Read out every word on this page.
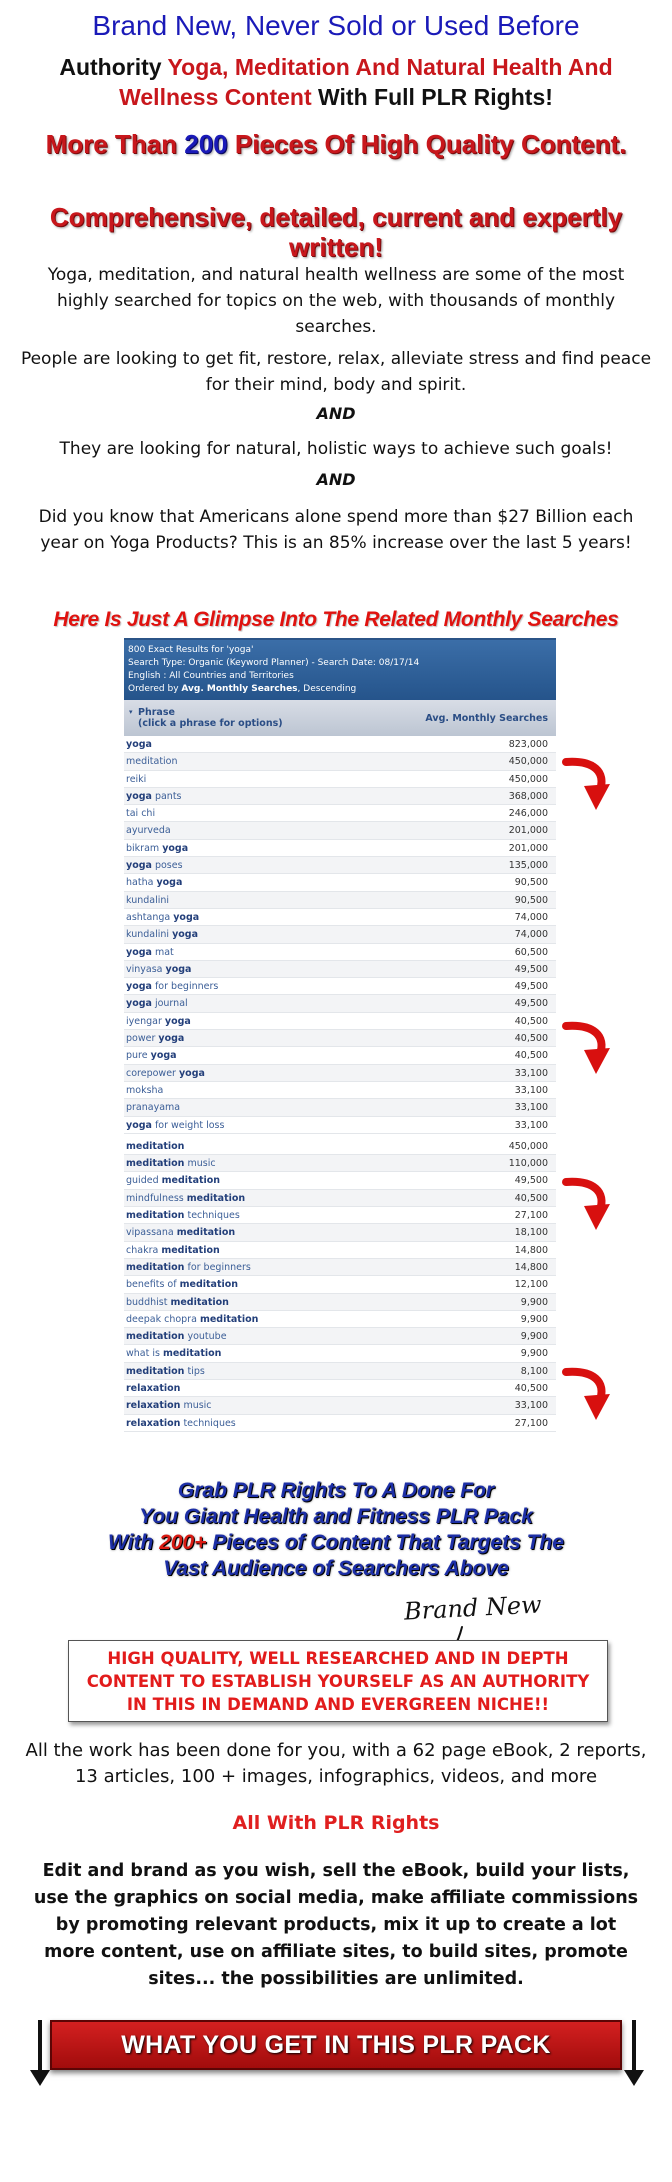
Brand New, Never Sold or Used Before
Authority Yoga, Meditation And Natural Health And Wellness Content With Full PLR Rights!
More Than 200 Pieces Of High Quality Content.
Comprehensive, detailed, current and expertly written!

Yoga, meditation, and natural health wellness are some of the most highly searched for topics on the web, with thousands of monthly searches.

People are looking to get fit, restore, relax, alleviate stress and find peace for their mind, body and spirit.

AND

They are looking for natural, holistic ways to achieve such goals!

AND

Did you know that Americans alone spend more than $27 Billion each year on Yoga Products? This is an 85% increase over the last 5 years!

Here Is Just A Glimpse Into The Related Monthly Searches
800 Exact Results for 'yoga'
Search Type: Organic (Keyword Planner) - Search Date: 08/17/14
English : All Countries and Territories
Ordered by Avg. Monthly Searches, Descending
▾ Phrase
(click a phrase for options)	Avg. Monthly Searches
yoga	823,000
meditation	450,000
reiki	450,000
yoga pants	368,000
tai chi	246,000
ayurveda	201,000
bikram yoga	201,000
yoga poses	135,000
hatha yoga	90,500
kundalini	90,500
ashtanga yoga	74,000
kundalini yoga	74,000
yoga mat	60,500
vinyasa yoga	49,500
yoga for beginners	49,500
yoga journal	49,500
iyengar yoga	40,500
power yoga	40,500
pure yoga	40,500
corepower yoga	33,100
moksha	33,100
pranayama	33,100
yoga for weight loss	33,100
meditation	450,000
meditation music	110,000
guided meditation	49,500
mindfulness meditation	40,500
meditation techniques	27,100
vipassana meditation	18,100
chakra meditation	14,800
meditation for beginners	14,800
benefits of meditation	12,100
buddhist meditation	9,900
deepak chopra meditation	9,900
meditation youtube	9,900
what is meditation	9,900
meditation tips	8,100
relaxation	40,500
relaxation music	33,100
relaxation techniques	27,100
Grab PLR Rights To A Done For
You Giant Health and Fitness PLR Pack
With 200+ Pieces of Content That Targets The
Vast Audience of Searchers Above
Brand New
HIGH QUALITY, WELL RESEARCHED AND IN DEPTH
CONTENT TO ESTABLISH YOURSELF AS AN AUTHORITY
IN THIS IN DEMAND AND EVERGREEN NICHE!!

All the work has been done for you, with a 62 page eBook, 2 reports, 13 articles, 100 + images, infographics, videos, and more

All With PLR Rights

Edit and brand as you wish, sell the eBook, build your lists, use the graphics on social media, make affiliate commissions by promoting relevant products, mix it up to create a lot more content, use on affiliate sites, to build sites, promote sites... the possibilities are unlimited.

WHAT YOU GET IN THIS PLR PACK
